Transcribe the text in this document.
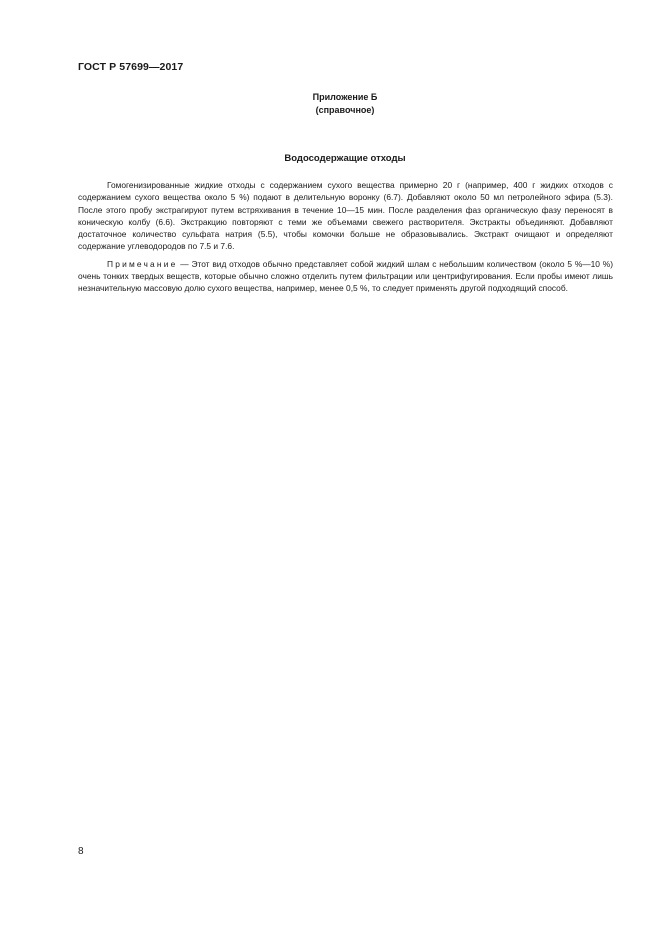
ГОСТ Р 57699—2017
Приложение Б
(справочное)
Водосодержащие отходы

Гомогенизированные жидкие отходы с содержанием сухого вещества примерно 20 г (например, 400 г жидких отходов с содержанием сухого вещества около 5 %) подают в делительную воронку (6.7). Добавляют около 50 мл петролейного эфира (5.3). После этого пробу экстрагируют путем встряхивания в течение 10—15 мин. После разделения фаз органическую фазу переносят в коническую колбу (6.6). Экстракцию повторяют с теми же объемами свежего растворителя. Экстракты объединяют. Добавляют достаточное количество сульфата натрия (5.5), чтобы комочки больше не образовывались. Экстракт очищают и определяют содержание углеводородов по 7.5 и 7.6.

Примечание — Этот вид отходов обычно представляет собой жидкий шлам с небольшим количеством (около 5 %—10 %) очень тонких твердых веществ, которые обычно сложно отделить путем фильтрации или центрифугирования. Если пробы имеют лишь незначительную массовую долю сухого вещества, например, менее 0,5 %, то следует применять другой подходящий способ.

8
